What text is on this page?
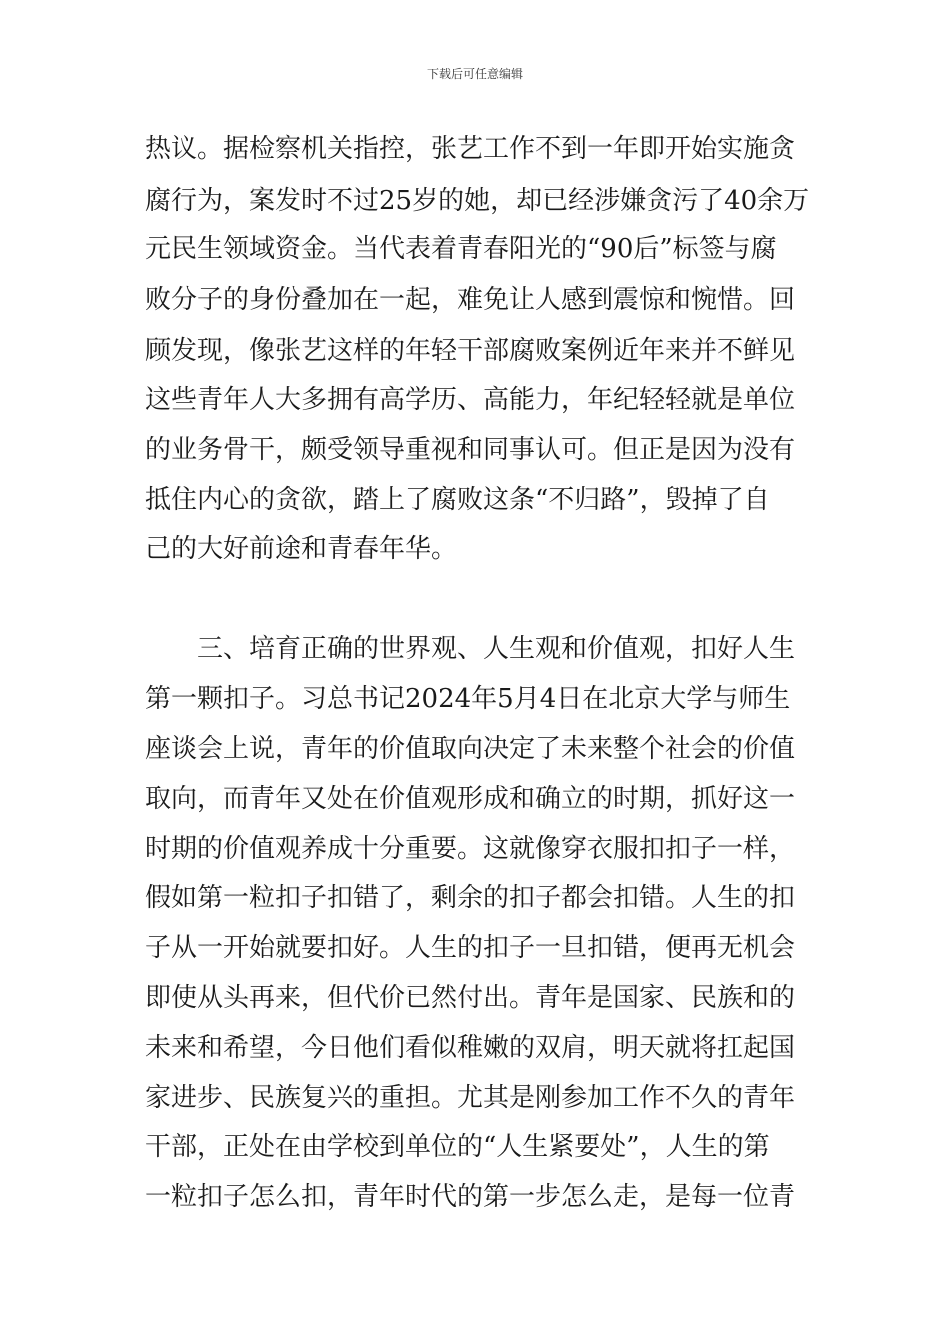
下载后可任意编辑
热议。据检察机关指控，张艺工作不到一年即开始实施贪
腐行为，案发时不过25岁的她，却已经涉嫌贪污了40余万
元民生领域资金。当代表着青春阳光的“90后”标签与腐
败分子的身份叠加在一起，难免让人感到震惊和惋惜。回
顾发现，像张艺这样的年轻干部腐败案例近年来并不鲜见
这些青年人大多拥有高学历、高能力，年纪轻轻就是单位
的业务骨干，颇受领导重视和同事认可。但正是因为没有
抵住内心的贪欲，踏上了腐败这条“不归路”，毁掉了自
己的大好前途和青春年华。
三、培育正确的世界观、人生观和价值观，扣好人生
第一颗扣子。习总书记2024年5月4日在北京大学与师生
座谈会上说，青年的价值取向决定了未来整个社会的价值
取向，而青年又处在价值观形成和确立的时期，抓好这一
时期的价值观养成十分重要。这就像穿衣服扣扣子一样，
假如第一粒扣子扣错了，剩余的扣子都会扣错。人生的扣
子从一开始就要扣好。人生的扣子一旦扣错，便再无机会
即使从头再来，但代价已然付出。青年是国家、民族和的
未来和希望，今日他们看似稚嫩的双肩，明天就将扛起国
家进步、民族复兴的重担。尤其是刚参加工作不久的青年
干部，正处在由学校到单位的“人生紧要处”，人生的第
一粒扣子怎么扣，青年时代的第一步怎么走，是每一位青
